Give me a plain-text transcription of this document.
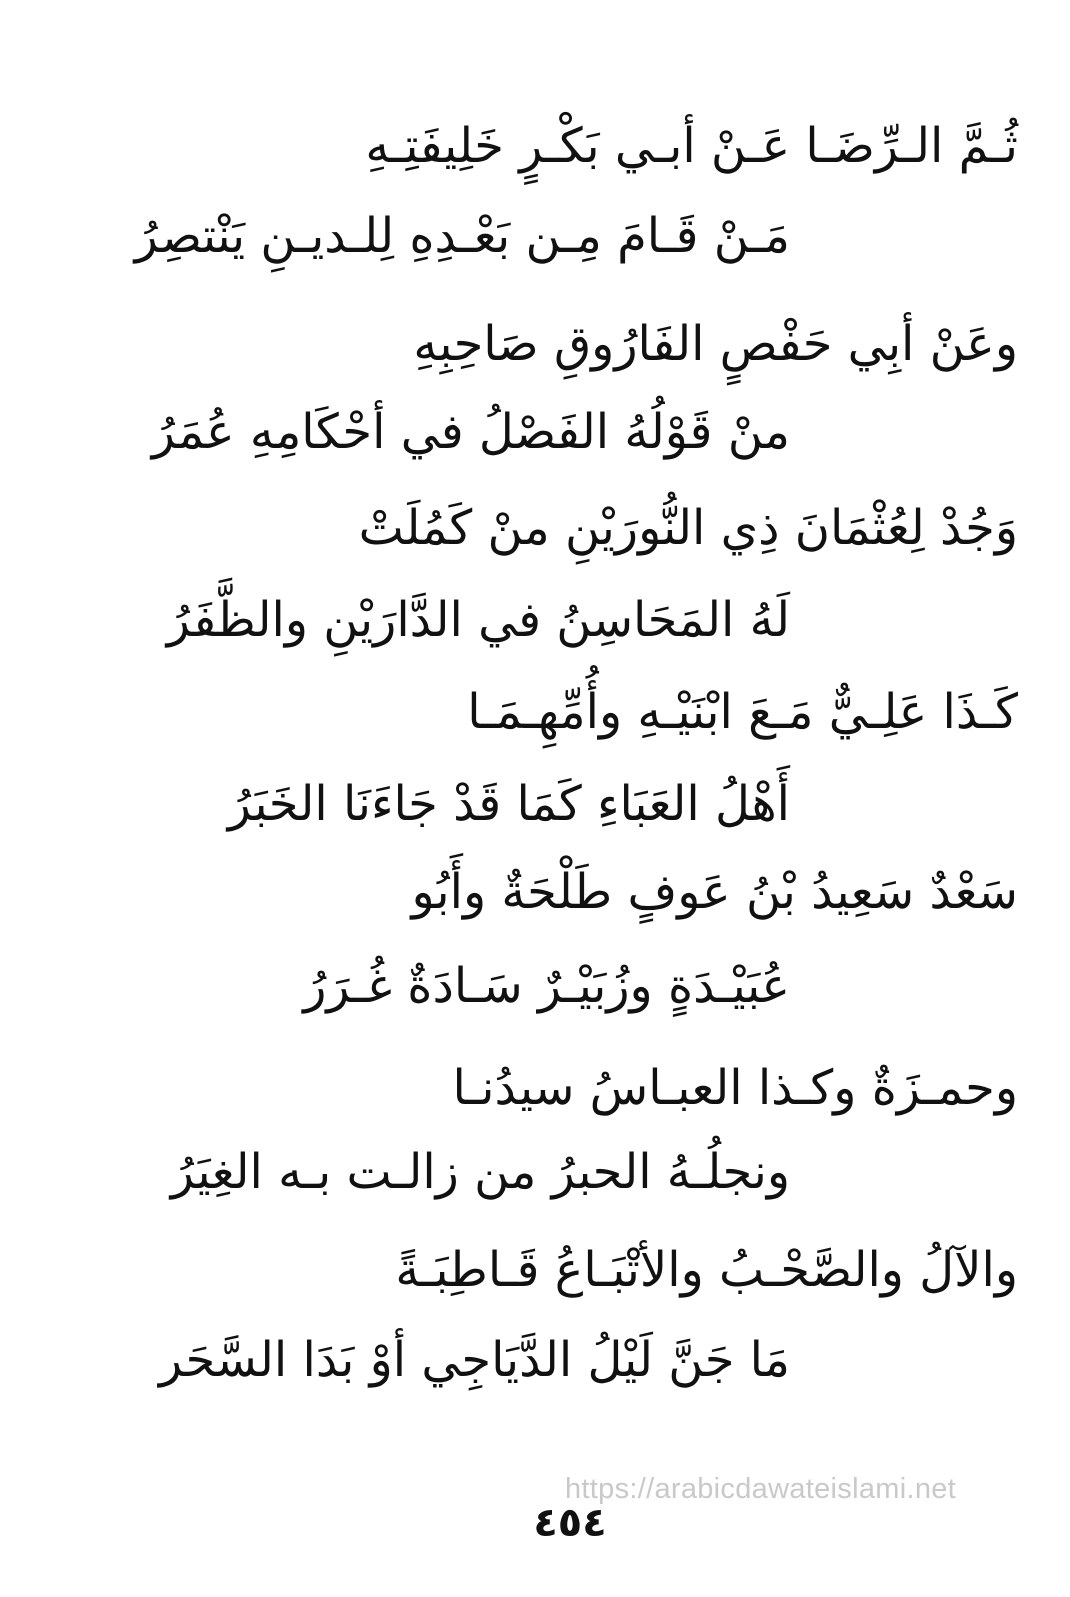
ثُـمَّ الـرِّضَـا عَـنْ أبـي بَكْـرٍ خَلِيفَتِـهِ
مَـنْ قَـامَ مِـن بَعْـدِهِ لِلـديـنِ يَنْتصِرُ
وعَنْ أبِي حَفْصٍ الفَارُوقِ صَاحِبِهِ
منْ قَوْلُهُ الفَصْلُ في أحْكَامِهِ عُمَرُ
وَجُدْ لِعُثْمَانَ ذِي النُّورَيْنِ منْ كَمُلَتْ
لَهُ المَحَاسِنُ في الدَّارَيْنِ والظَّفَرُ
كَـذَا عَلِـيٌّ مَـعَ ابْنَيْـهِ وأُمِّهِـمَـا
أَهْلُ العَبَاءِ كَمَا قَدْ جَاءَنَا الخَبَرُ
سَعْدٌ سَعِيدُ بْنُ عَوفٍ طَلْحَةٌ وأَبُو
عُبَيْـدَةٍ وزُبَيْـرٌ سَـادَةٌ غُـرَرُ
وحمـزَةٌ وكـذا العبـاسُ سيدُنـا
ونجلُـهُ الحبرُ من زالـت بـه الغِيَرُ
والآلُ والصَّحْـبُ والأتْبَـاعُ قَـاطِبَـةً
مَا جَنَّ لَيْلُ الدَّيَاجِي أوْ بَدَا السَّحَر
https://arabicdawateislami.net
٤٥٤
